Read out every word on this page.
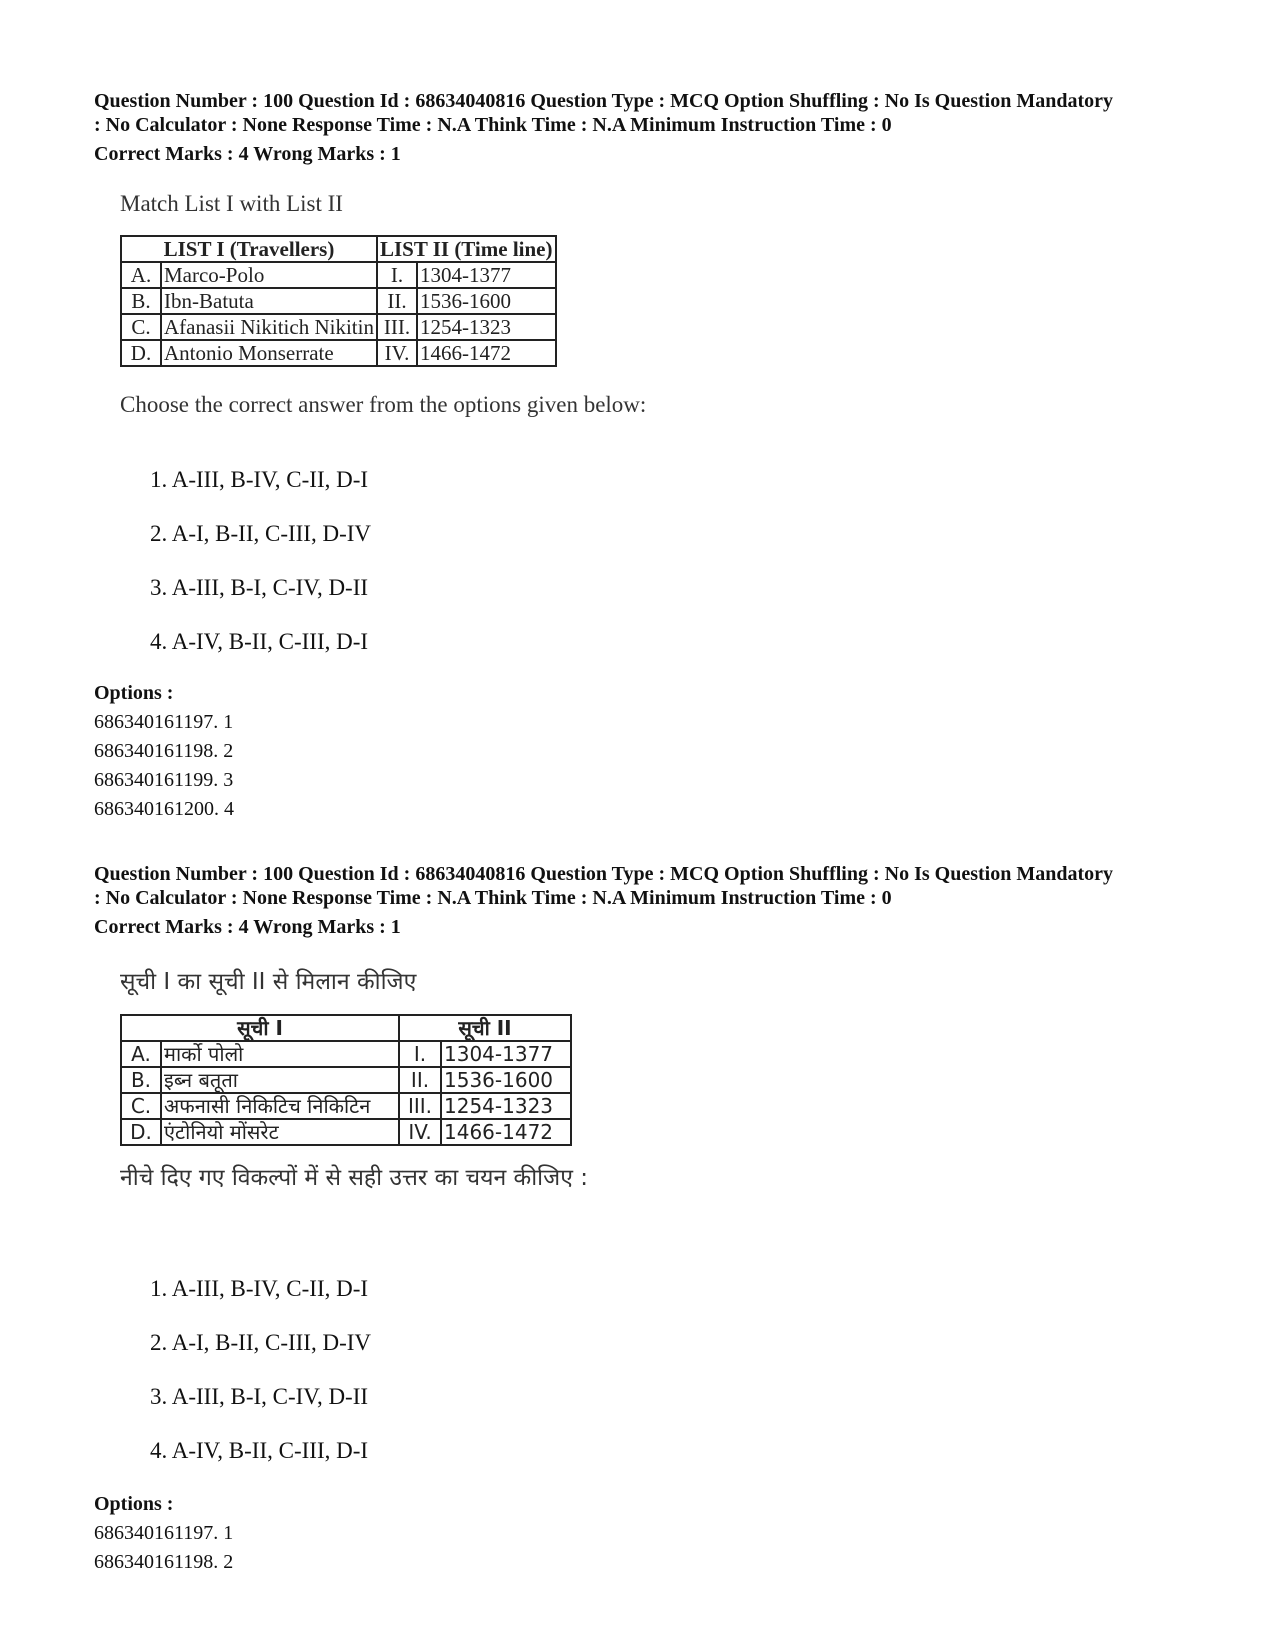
Question Number : 100 Question Id : 68634040816 Question Type : MCQ Option Shuffling : No Is Question Mandatory

: No Calculator : None Response Time : N.A Think Time : N.A Minimum Instruction Time : 0

Correct Marks : 4 Wrong Marks : 1

Match List I with List II

LIST I (Travellers)		LIST II (Time line)	
A.	Marco-Polo	I.	1304-1377
B.	Ibn-Batuta	II.	1536-1600
C.	Afanasii Nikitich Nikitin	III.	1254-1323
D.	Antonio Monserrate	IV.	1466-1472

Choose the correct answer from the options given below:

1. A-III, B-IV, C-II, D-I

2. A-I, B-II, C-III, D-IV

3. A-III, B-I, C-IV, D-II

4. A-IV, B-II, C-III, D-I

Options :

686340161197. 1

686340161198. 2

686340161199. 3

686340161200. 4

Question Number : 100 Question Id : 68634040816 Question Type : MCQ Option Shuffling : No Is Question Mandatory

: No Calculator : None Response Time : N.A Think Time : N.A Minimum Instruction Time : 0

Correct Marks : 4 Wrong Marks : 1

सूची I का सूची II से मिलान कीजिए

सूची I		सूची II	
A.	मार्को पोलो	I.	1304-1377
B.	इब्न बतूता	II.	1536-1600
C.	अफनासी निकिटिच निकिटिन	III.	1254-1323
D.	एंटोनियो मोंसरेट	IV.	1466-1472

नीचे दिए गए विकल्पों में से सही उत्तर का चयन कीजिए :

1. A-III, B-IV, C-II, D-I

2. A-I, B-II, C-III, D-IV

3. A-III, B-I, C-IV, D-II

4. A-IV, B-II, C-III, D-I

Options :

686340161197. 1

686340161198. 2
